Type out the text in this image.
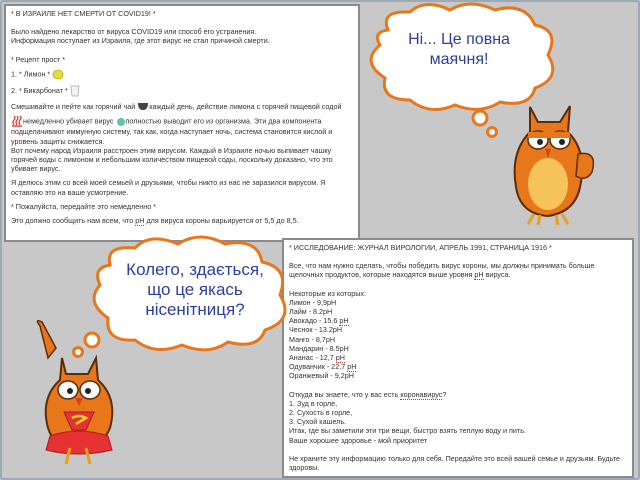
* В ИЗРАИЛЕ НЕТ СМЕРТИ ОТ COVID19! *

Было найдено лекарство от вируса COVID19 или способ его устранения.

Информация поступает из Израиля, где этот вирус не стал причиной смерти.

* Рецепт прост *

1. * Лимон *

2. * Бикарбонат *

Смешивайте и пейте как горячий чай каждый день, действие лимона с горячей пищевой содой

немедленно убивает вирус полностью выводит его из организма. Эти два компонента

подщелачивают иммунную систему, так как, когда наступает ночь, система становится кислой и уровень защиты снижается.

Вот почему народ Израиля расстроен этим вирусом. Каждый в Израиле ночью выпивает чашку горячей воды с лимоном и небольшим количеством пищевой соды, поскольку доказано, что это убивает вирус.

Я делюсь этим со всей моей семьей и друзьями, чтобы никто из нас не заразился вирусом. Я оставляю это на ваше усмотрение.

* Пожалуйста, передайте это немедленно *

Это должно сообщить нам всем, что рН для вируса короны варьируется от 5,5 до 8,5.

* ИССЛЕДОВАНИЕ: ЖУРНАЛ ВИРОЛОГИИ, АПРЕЛЬ 1991, СТРАНИЦА 1916 *

Все, что нам нужно сделать, чтобы победить вирус короны, мы должны принимать больше щелочных продуктов, которые находятся выше уровня рН вируса.

Некоторые из которых:

Лимон - 9,9pH

Лайм - 8.2pH

Авокадо - 15.6 pH

Чеснок - 13.2pH

Манго - 8,7pH

Мандарин - 8.5pH

Ананас - 12,7 pH

Одуванчик - 22,7 pH

Оранжевый - 9,2pH

Откуда вы знаете, что у вас есть коронавирус?

1. Зуд в горле,

2. Сухость в горле,

3. Сухой кашель.

Итак, где вы заметили эти три вещи, быстро взять теплую воду и пить.

Ваше хорошее здоровье - мой приоритет

Не храните эту информацию только для себя. Передайте это всей вашей семье и друзьям. Будьте здоровы.

Ні... Це повна
маячня!
Колего, здається,
що це якась
нісенітниця?
